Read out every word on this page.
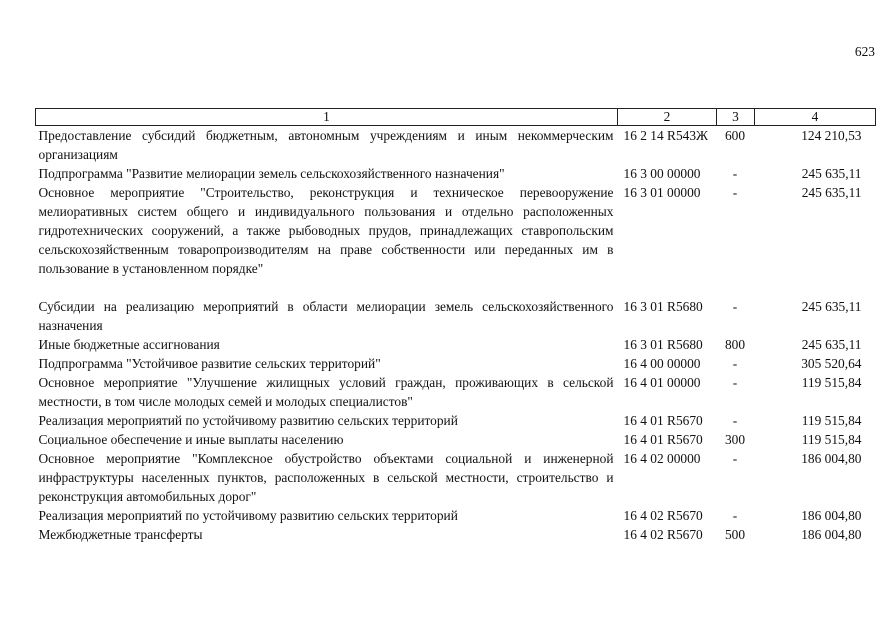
623
1	2	3	4
Предоставление субсидий бюджетным, автономным учреждениям и иным некоммерческим организациям	16 2 14 R543Ж	600	124 210,53
Подпрограмма "Развитие мелиорации земель сельскохозяйственного назначения"	16 3 00 00000	-	245 635,11
Основное мероприятие "Строительство, реконструкция и техническое перевооружение мелиоративных систем общего и индивидуального пользования и отдельно расположенных гидротехнических сооружений, а также рыбоводных прудов, принадлежащих ставропольским сельскохозяйственным товаропроизводителям на праве собственности или переданных им в пользование в установленном порядке"	16 3 01 00000	-	245 635,11

Субсидии на реализацию мероприятий в области мелиорации земель сельскохозяйственного назначения	16 3 01 R5680	-	245 635,11
Иные бюджетные ассигнования	16 3 01 R5680	800	245 635,11
Подпрограмма "Устойчивое развитие сельских территорий"	16 4 00 00000	-	305 520,64
Основное мероприятие "Улучшение жилищных условий граждан, проживающих в сельской местности, в том числе молодых семей и молодых специалистов"	16 4 01 00000	-	119 515,84
Реализация мероприятий по устойчивому развитию сельских территорий	16 4 01 R5670	-	119 515,84
Социальное обеспечение и иные выплаты населению	16 4 01 R5670	300	119 515,84
Основное мероприятие "Комплексное обустройство объектами социальной и инженерной инфраструктуры населенных пунктов, расположенных в сельской местности, строительство и реконструкция автомобильных дорог"	16 4 02 00000	-	186 004,80
Реализация мероприятий по устойчивому развитию сельских территорий	16 4 02 R5670	-	186 004,80
Межбюджетные трансферты	16 4 02 R5670	500	186 004,80
